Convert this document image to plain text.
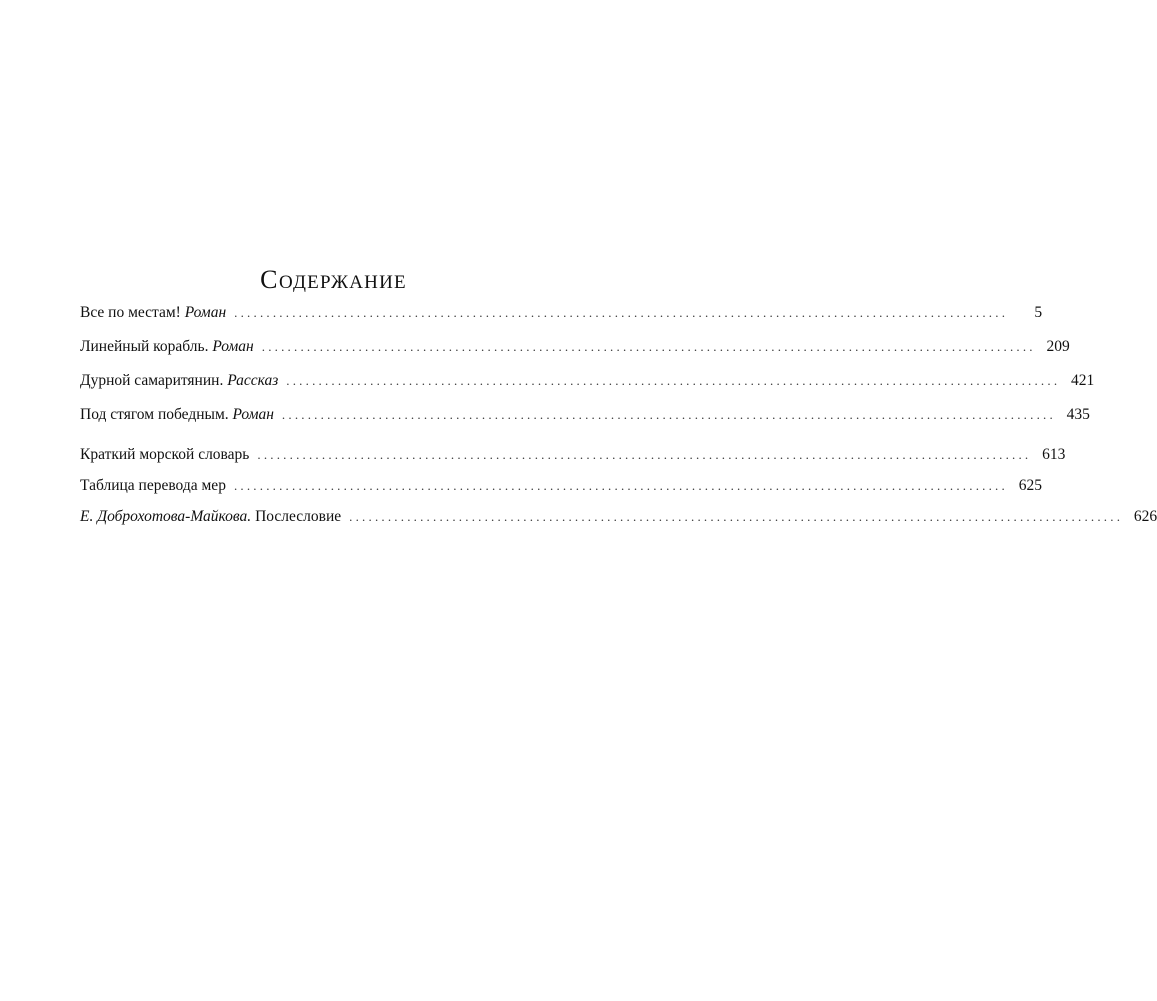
СОДЕРЖАНИЕ
Все по местам! Роман ........................................................................................................................	5
Линейный корабль. Роман ........................................................................................................................ 209
Дурной самаритянин. Рассказ ........................................................................................................................ 421
Под стягом победным. Роман ........................................................................................................................ 435
Краткий морской словарь ........................................................................................................................ 613
Таблица перевода мер ........................................................................................................................ 625
Е. Доброхотова-Майкова. Послесловие ........................................................................................................................ 626
